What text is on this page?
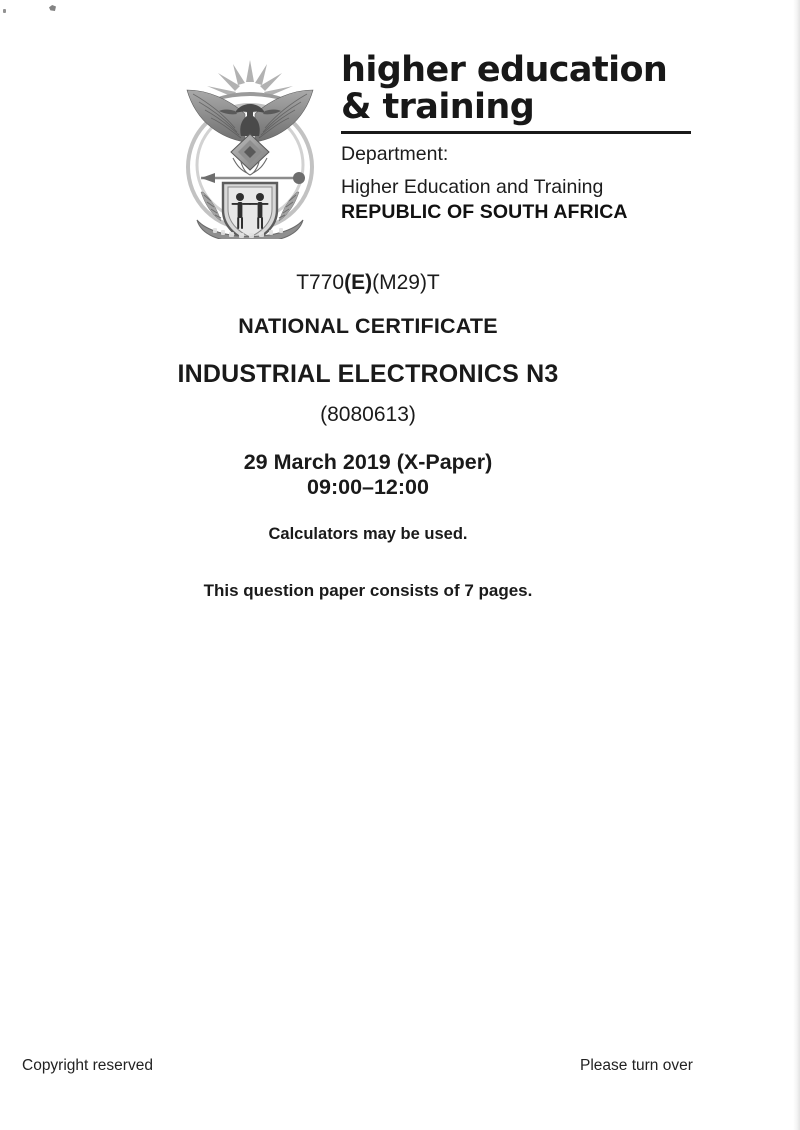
higher education
& training
Department:
Higher Education and Training
REPUBLIC OF SOUTH AFRICA
T770(E)(M29)T
NATIONAL CERTIFICATE
INDUSTRIAL ELECTRONICS N3
(8080613)
29 March 2019 (X-Paper)
09:00–12:00
Calculators may be used.
This question paper consists of 7 pages.
Copyright reserved	Please turn over
